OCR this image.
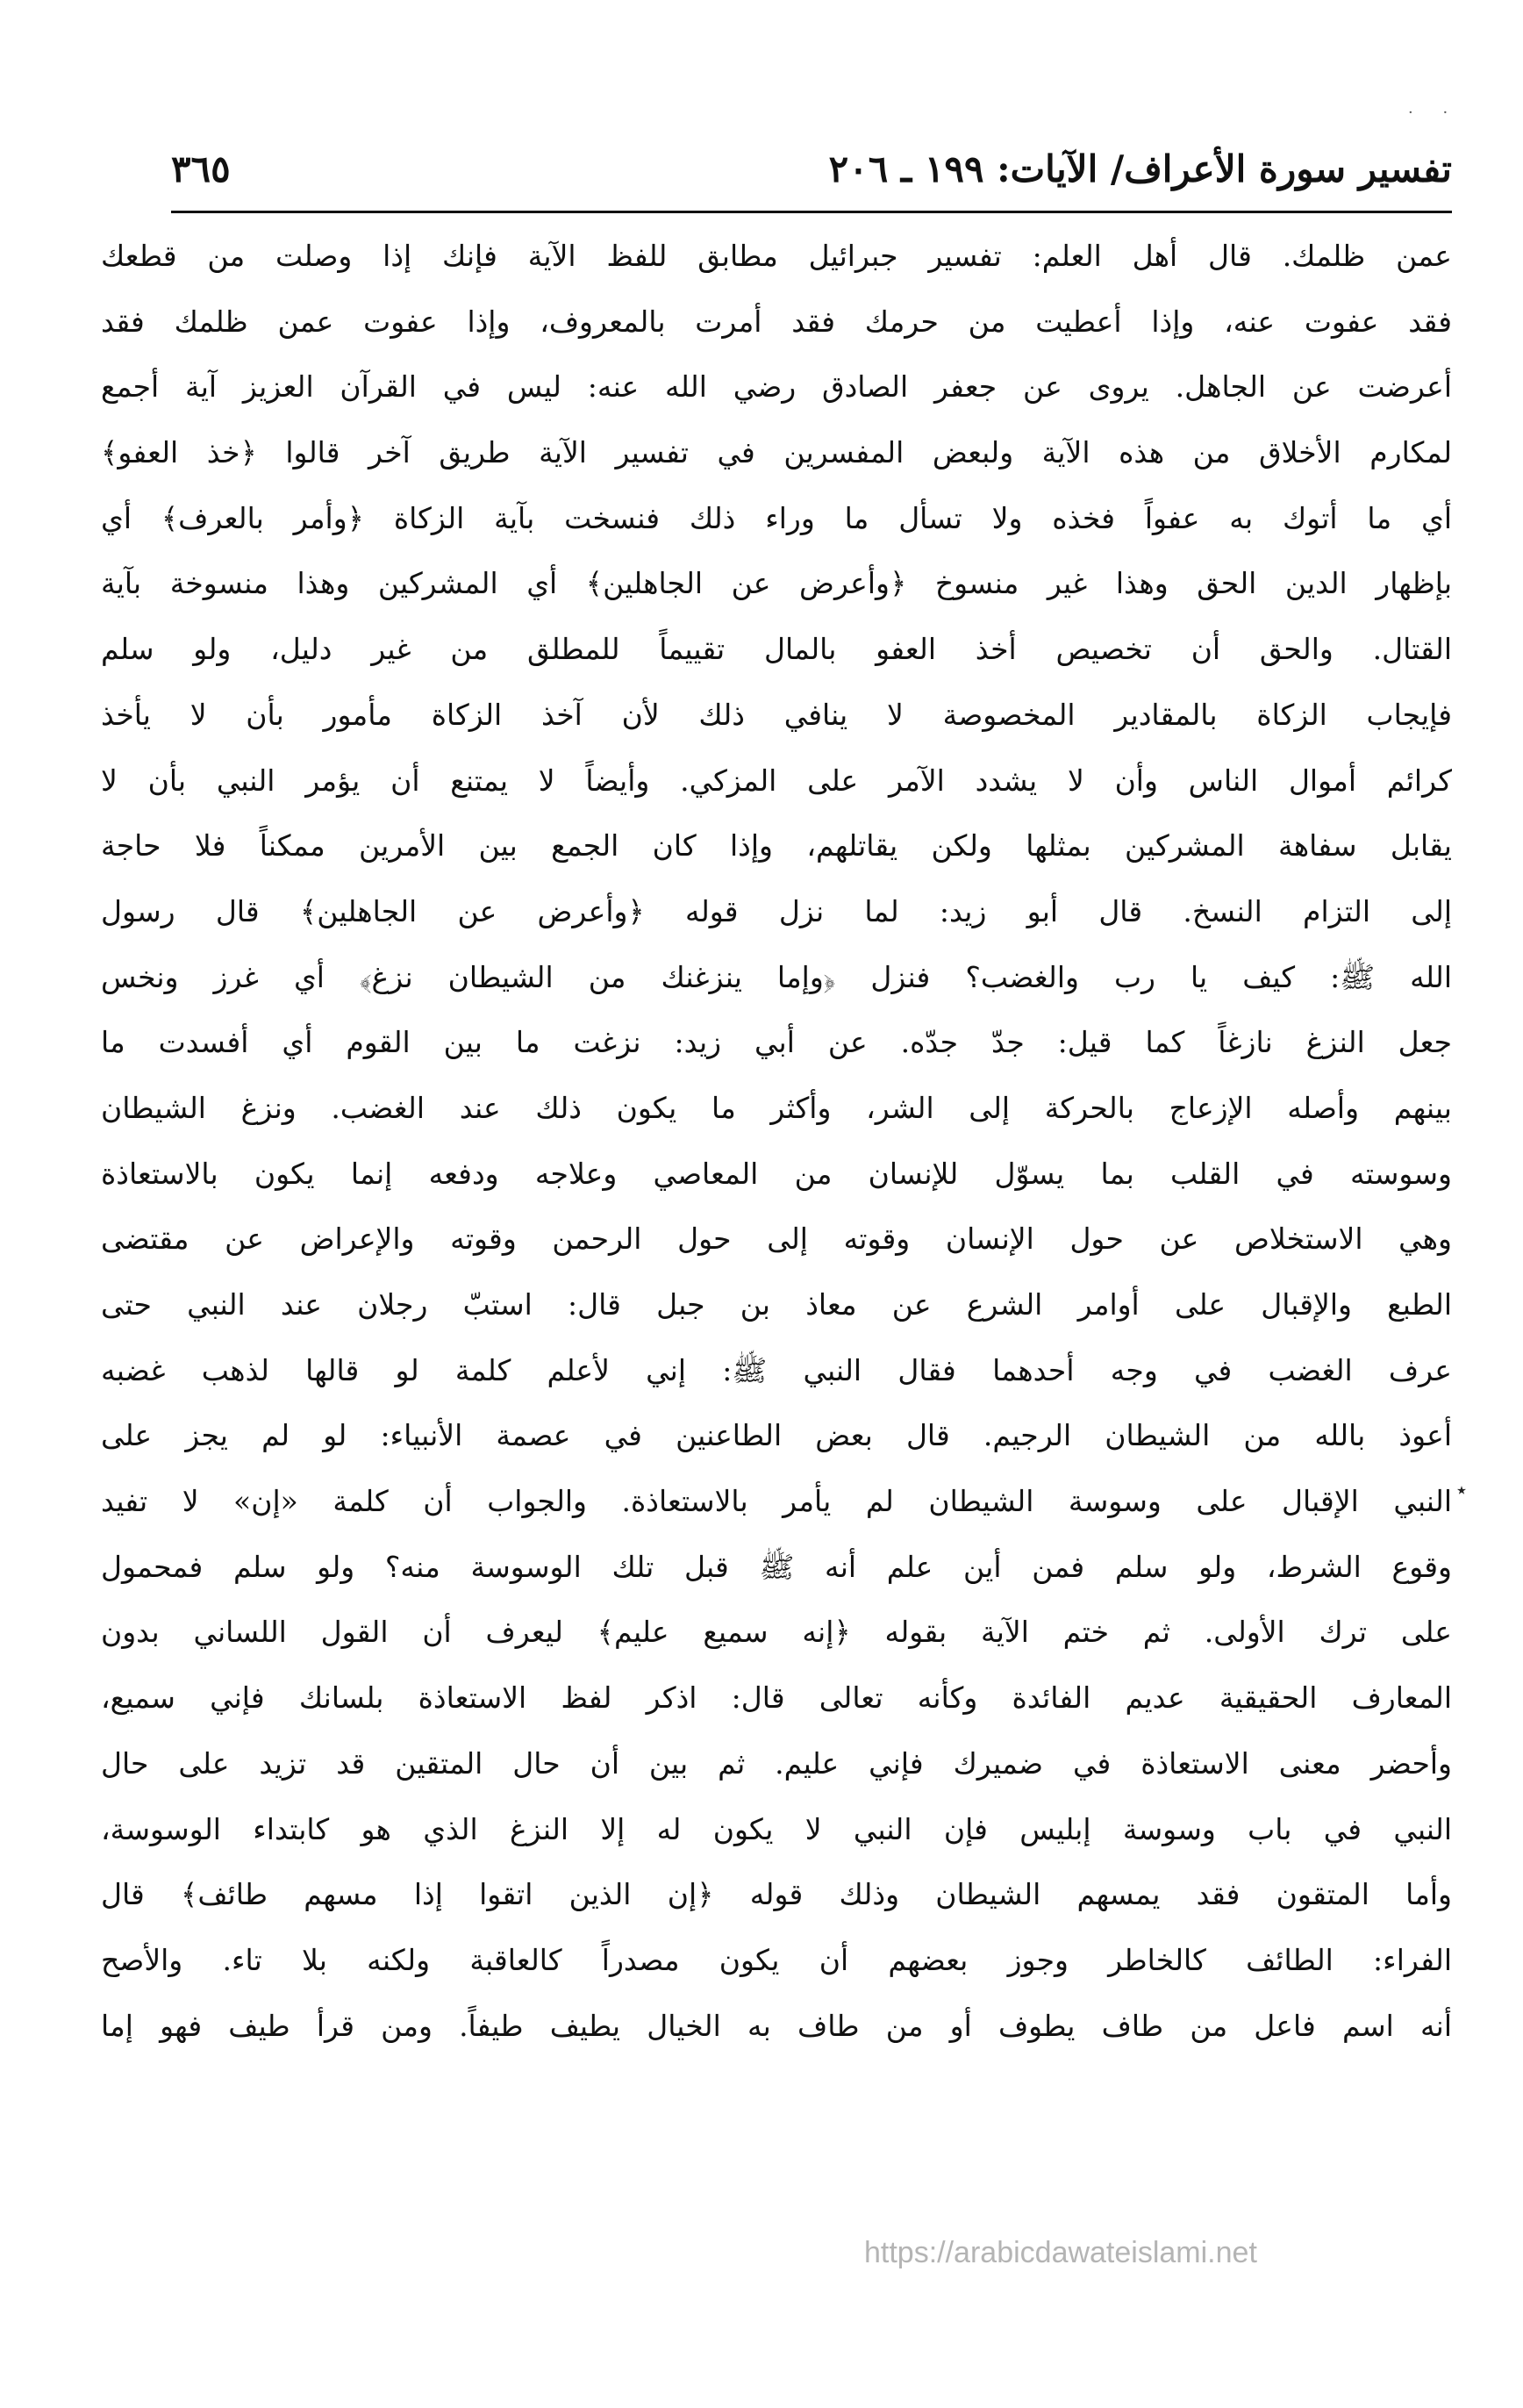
· ·
تفسير سورة الأعراف/ الآيات: ١٩٩ ـ ٢٠٦
٣٦٥
عمن ظلمك. قال أهل العلم: تفسير جبرائيل مطابق للفظ الآية فإنك إذا وصلت من قطعك
فقد عفوت عنه، وإذا أعطيت من حرمك فقد أمرت بالمعروف، وإذا عفوت عمن ظلمك فقد
أعرضت عن الجاهل. يروى عن جعفر الصادق رضي الله عنه: ليس في القرآن العزيز آية أجمع
لمكارم الأخلاق من هذه الآية ولبعض المفسرين في تفسير الآية طريق آخر قالوا ﴿خذ العفو﴾
أي ما أتوك به عفواً فخذه ولا تسأل ما وراء ذلك فنسخت بآية الزكاة ﴿وأمر بالعرف﴾ أي
بإظهار الدين الحق وهذا غير منسوخ ﴿وأعرض عن الجاهلين﴾ أي المشركين وهذا منسوخة بآية
القتال. والحق أن تخصيص أخذ العفو بالمال تقييماً للمطلق من غير دليل، ولو سلم
فإيجاب الزكاة بالمقادير المخصوصة لا ينافي ذلك لأن آخذ الزكاة مأمور بأن لا يأخذ
كرائم أموال الناس وأن لا يشدد الآمر على المزكي. وأيضاً لا يمتنع أن يؤمر النبي بأن لا
يقابل سفاهة المشركين بمثلها ولكن يقاتلهم، وإذا كان الجمع بين الأمرين ممكناً فلا حاجة
إلى التزام النسخ. قال أبو زيد: لما نزل قوله ﴿وأعرض عن الجاهلين﴾ قال رسول
الله ﷺ: كيف يا رب والغضب؟ فنزل ﴿وإما ينزغنك من الشيطان نزغ﴾ أي غرز ونخس
جعل النزغ نازغاً كما قيل: جدّ جدّه. عن أبي زيد: نزغت ما بين القوم أي أفسدت ما
بينهم وأصله الإزعاج بالحركة إلى الشر، وأكثر ما يكون ذلك عند الغضب. ونزغ الشيطان
وسوسته في القلب بما يسوّل للإنسان من المعاصي وعلاجه ودفعه إنما يكون بالاستعاذة
وهي الاستخلاص عن حول الإنسان وقوته إلى حول الرحمن وقوته والإعراض عن مقتضى
الطبع والإقبال على أوامر الشرع عن معاذ بن جبل قال: استبّ رجلان عند النبي حتى
عرف الغضب في وجه أحدهما فقال النبي ﷺ: إني لأعلم كلمة لو قالها لذهب غضبه
أعوذ بالله من الشيطان الرجيم. قال بعض الطاعنين في عصمة الأنبياء: لو لم يجز على
النبي الإقبال على وسوسة الشيطان لم يأمر بالاستعاذة. والجواب أن كلمة «إن» لا تفيد
وقوع الشرط، ولو سلم فمن أين علم أنه ﷺ قبل تلك الوسوسة منه؟ ولو سلم فمحمول
على ترك الأولى. ثم ختم الآية بقوله ﴿إنه سميع عليم﴾ ليعرف أن القول اللساني بدون
المعارف الحقيقية عديم الفائدة وكأنه تعالى قال: اذكر لفظ الاستعاذة بلسانك فإني سميع،
وأحضر معنى الاستعاذة في ضميرك فإني عليم. ثم بين أن حال المتقين قد تزيد على حال
النبي في باب وسوسة إبليس فإن النبي لا يكون له إلا النزغ الذي هو كابتداء الوسوسة،
وأما المتقون فقد يمسهم الشيطان وذلك قوله ﴿إن الذين اتقوا إذا مسهم طائف﴾ قال
الفراء: الطائف كالخاطر وجوز بعضهم أن يكون مصدراً كالعاقبة ولكنه بلا تاء. والأصح
أنه اسم فاعل من طاف يطوف أو من طاف به الخيال يطيف طيفاً. ومن قرأ طيف فهو إما
٭
https://arabicdawateislami.net
